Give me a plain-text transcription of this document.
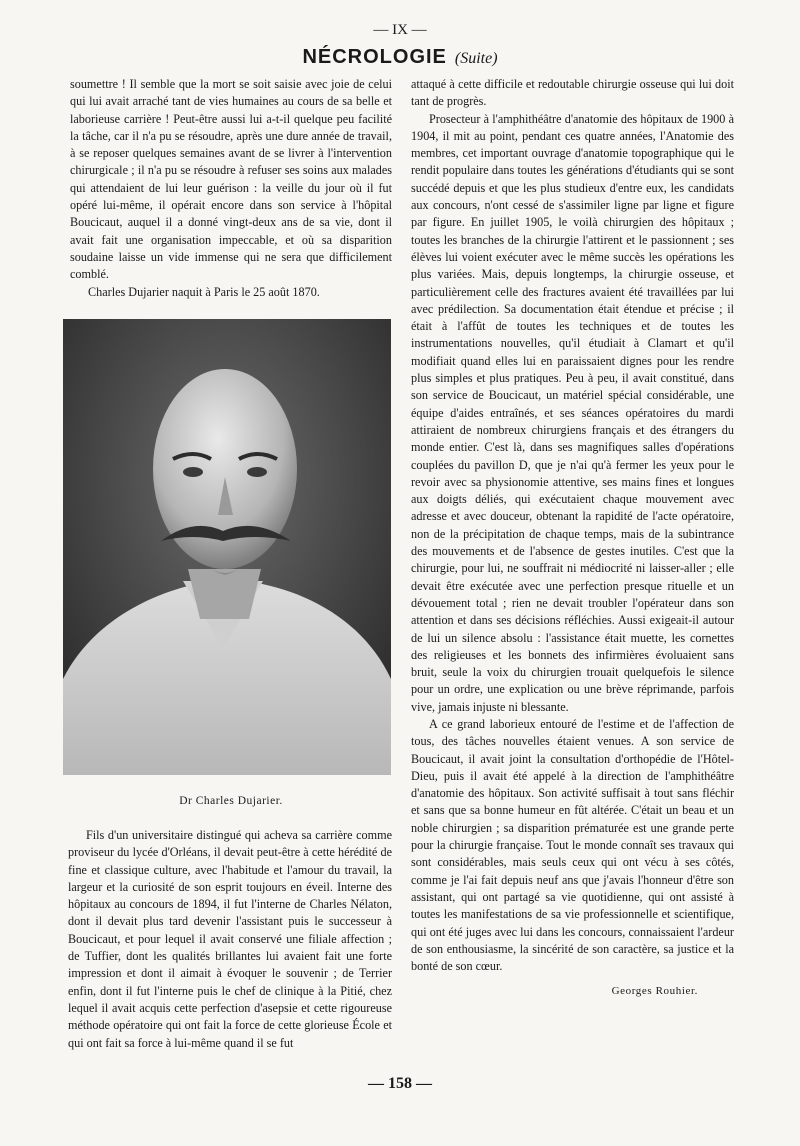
— IX —
NÉCROLOGIE (Suite)

soumettre ! Il semble que la mort se soit saisie avec joie de celui qui lui avait arraché tant de vies humaines au cours de sa belle et laborieuse carrière ! Peut-être aussi lui a-t-il quelque peu facilité la tâche, car il n'a pu se résoudre, après une dure année de travail, à se reposer quelques semaines avant de se livrer à l'intervention chirurgicale ; il n'a pu se résoudre à refuser ses soins aux malades qui attendaient de lui leur guérison : la veille du jour où il fut opéré lui-même, il opérait encore dans son service à l'hôpital Boucicaut, auquel il a donné vingt-deux ans de sa vie, dont il avait fait une organisation impeccable, et où sa disparition soudaine laisse un vide immense qui ne sera que difficilement comblé.

Charles Dujarier naquit à Paris le 25 août 1870.

Dr Charles Dujarier.

Fils d'un universitaire distingué qui acheva sa carrière comme proviseur du lycée d'Orléans, il devait peut-être à cette hérédité de fine et classique culture, avec l'habitude et l'amour du travail, la largeur et la curiosité de son esprit toujours en éveil. Interne des hôpitaux au concours de 1894, il fut l'interne de Charles Nélaton, dont il devait plus tard devenir l'assistant puis le successeur à Boucicaut, et pour lequel il avait conservé une filiale affection ; de Tuffier, dont les qualités brillantes lui avaient fait une forte impression et dont il aimait à évoquer le souvenir ; de Terrier enfin, dont il fut l'interne puis le chef de clinique à la Pitié, chez lequel il avait acquis cette perfection d'asepsie et cette rigoureuse méthode opératoire qui ont fait la force de cette glorieuse École et qui ont fait sa force à lui-même quand il se fut

attaqué à cette difficile et redoutable chirurgie osseuse qui lui doit tant de progrès.

Prosecteur à l'amphithéâtre d'anatomie des hôpitaux de 1900 à 1904, il mit au point, pendant ces quatre années, l'Anatomie des membres, cet important ouvrage d'anatomie topographique qui le rendit populaire dans toutes les générations d'étudiants qui se sont succédé depuis et que les plus studieux d'entre eux, les candidats aux concours, n'ont cessé de s'assimiler ligne par ligne et figure par figure. En juillet 1905, le voilà chirurgien des hôpitaux ; toutes les branches de la chirurgie l'attirent et le passionnent ; ses élèves lui voient exécuter avec le même succès les opérations les plus variées. Mais, depuis longtemps, la chirurgie osseuse, et particulièrement celle des fractures avaient été travaillées par lui avec prédilection. Sa documentation était étendue et précise ; il était à l'affût de toutes les techniques et de toutes les instrumentations nouvelles, qu'il étudiait à Clamart et qu'il modifiait quand elles lui en paraissaient dignes pour les rendre plus simples et plus pratiques. Peu à peu, il avait constitué, dans son service de Boucicaut, un matériel spécial considérable, une équipe d'aides entraînés, et ses séances opératoires du mardi attiraient de nombreux chirurgiens français et des étrangers du monde entier. C'est là, dans ses magnifiques salles d'opérations couplées du pavillon D, que je n'ai qu'à fermer les yeux pour le revoir avec sa physionomie attentive, ses mains fines et longues aux doigts déliés, qui exécutaient chaque mouvement avec adresse et avec douceur, obtenant la rapidité de l'acte opératoire, non de la précipitation de chaque temps, mais de la subintrance des mouvements et de l'absence de gestes inutiles. C'est que la chirurgie, pour lui, ne souffrait ni médiocrité ni laisser-aller ; elle devait être exécutée avec une perfection presque rituelle et un dévouement total ; rien ne devait troubler l'opérateur dans son attention et dans ses décisions réfléchies. Aussi exigeait-il autour de lui un silence absolu : l'assistance était muette, les cornettes des religieuses et les bonnets des infirmières évoluaient sans bruit, seule la voix du chirurgien trouait quelquefois le silence pour un ordre, une explication ou une brève réprimande, parfois vive, jamais injuste ni blessante.

A ce grand laborieux entouré de l'estime et de l'affection de tous, des tâches nouvelles étaient venues. A son service de Boucicaut, il avait joint la consultation d'orthopédie de l'Hôtel-Dieu, puis il avait été appelé à la direction de l'amphithéâtre d'anatomie des hôpitaux. Son activité suffisait à tout sans fléchir et sans que sa bonne humeur en fût altérée. C'était un beau et un noble chirurgien ; sa disparition prématurée est une grande perte pour la chirurgie française. Tout le monde connaît ses travaux qui sont considérables, mais seuls ceux qui ont vécu à ses côtés, comme je l'ai fait depuis neuf ans que j'avais l'honneur d'être son assistant, qui ont partagé sa vie quotidienne, qui ont assisté à toutes les manifestations de sa vie professionnelle et scientifique, qui ont été juges avec lui dans les concours, connaissaient l'ardeur de son enthousiasme, la sincérité de son caractère, sa justice et la bonté de son cœur.

Georges Rouhier.
— 158 —
